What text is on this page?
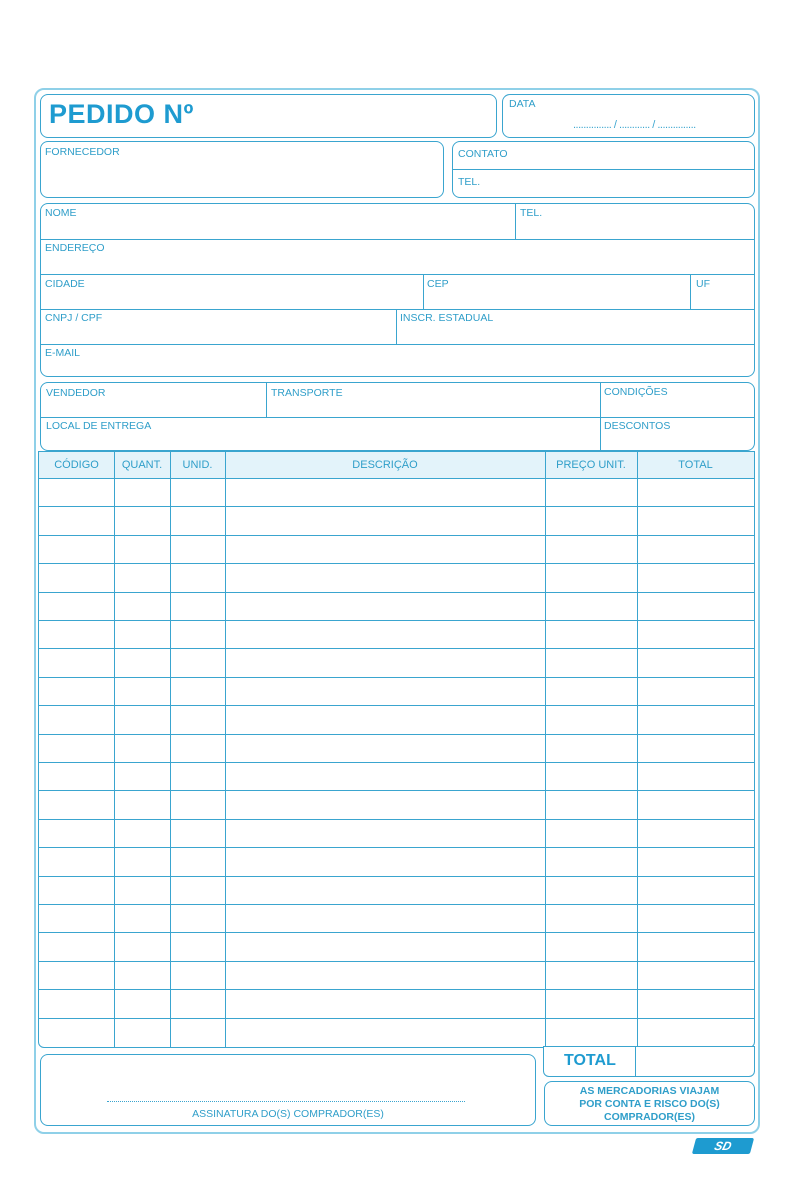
PEDIDO Nº	DATA
............... / ............ / ...............
FORNECEDOR	CONTATO
TEL.
NOME	TEL.
ENDEREÇO
CIDADE	CEP	UF
CNPJ / CPF	INSCR. ESTADUAL
E-MAIL
VENDEDOR	TRANSPORTE	CONDIÇÕES
LOCAL DE ENTREGA	DESCONTOS
CÓDIGO	QUANT.	UNID.	DESCRIÇÃO	PREÇO UNIT.	TOTAL
TOTAL
ASSINATURA DO(S) COMPRADOR(ES)
AS MERCADORIAS VIAJAM
POR CONTA E RISCO DO(S)
COMPRADOR(ES)
SD
